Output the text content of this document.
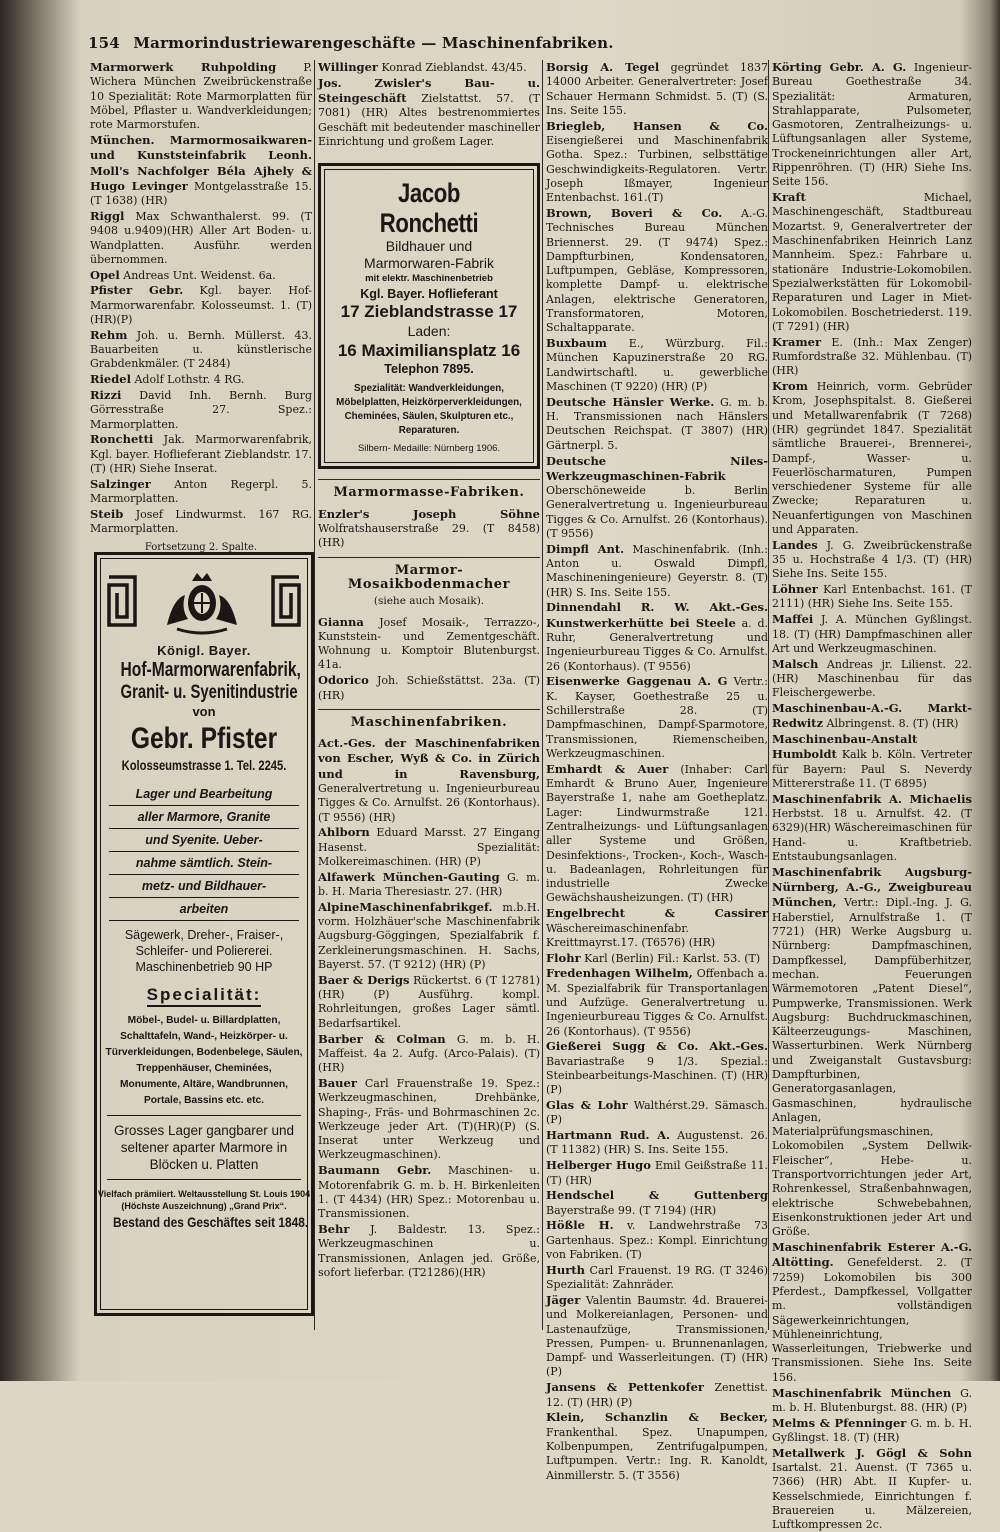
154 Marmorindustriewarengeschäfte — Maschinenfabriken.
Marmorwerk Ruhpolding P. Wichera München Zweibrückenstraße 10 Spezialität: Rote Marmorplatten für Möbel, Pflaster u. Wandverkleidungen; rote Marmorstufen.
München. Marmormosaikwaren- und Kunststeinfabrik Leonh. Moll's Nachfolger Béla Ajhely & Hugo Levinger Montgelasstraße 15. (T 1638) (HR)
Riggl Max Schwanthalerst. 99. (T 9408 u.9409)(HR) Aller Art Boden- u. Wandplatten. Ausführ. werden übernommen.
Opel Andreas Unt. Weidenst. 6a.
Pfister Gebr. Kgl. bayer. Hof-Marmorwarenfabr. Kolosseumst. 1. (T)(HR)(P)
Rehm Joh. u. Bernh. Müllerst. 43. Bauarbeiten u. künstlerische Grabdenkmäler. (T 2484)
Riedel Adolf Lothstr. 4 RG.
Rizzi David Inh. Bernh. Burg Görresstraße 27. Spez.: Marmorplatten.
Ronchetti Jak. Marmorwarenfabrik, Kgl. bayer. Hoflieferant Zieblandstr. 17. (T) (HR) Siehe Inserat.
Salzinger Anton Regerpl. 5. Marmorplatten.
Steib Josef Lindwurmst. 167 RG. Marmorplatten.
Fortsetzung 2. Spalte.
Königl. Bayer.
Hof-Marmorwarenfabrik,
Granit- u. Syenitindustrie
von
Gebr. Pfister
Kolosseumstrasse 1. Tel. 2245.
Lager und Bearbeitung
aller Marmore, Granite
und Syenite. Ueber-
nahme sämtlich. Stein-
metz- und Bildhauer-
arbeiten
Sägewerk, Dreher-, Fraiser-, Schleifer- und Poliererei. Maschinenbetrieb 90 HP
Specialität:
Möbel-, Budel- u. Billardplatten, Schalttafeln, Wand-, Heizkörper- u. Türverkleidungen, Bodenbelege, Säulen, Treppenhäuser, Cheminées, Monumente, Altäre, Wandbrunnen, Portale, Bassins etc. etc.
Grosses Lager gangbarer und seltener aparter Marmore in Blöcken u. Platten
Vielfach prämiiert. Weltausstellung St. Louis 1904 (Höchste Auszeichnung) „Grand Prix“.
Bestand des Geschäftes seit 1848.
Willinger Konrad Zieblandst. 43/45.
Jos. Zwisler's Bau- u. Steingeschäft Zielstattst. 57. (T 7081) (HR) Altes bestrenommiertes Geschäft mit bedeutender maschineller Einrichtung und großem Lager.
Jacob Ronchetti
Bildhauer und
Marmorwaren-Fabrik
mit elektr. Maschinenbetrieb
Kgl. Bayer. Hoflieferant
17 Zieblandstrasse 17
Laden:
16 Maximiliansplatz 16
Telephon 7895.
Spezialität: Wandverkleidungen, Möbelplatten, Heizkörperverkleidungen, Cheminées, Säulen, Skulpturen etc., Reparaturen.
Silbern- Medaille: Nürnberg 1906.
Marmormasse-Fabriken.
Enzler's Joseph Söhne Wolfratshauserstraße 29. (T 8458) (HR)
Marmor-Mosaikbodenmacher
(siehe auch Mosaik).
Gianna Josef Mosaik-, Terrazzo-, Kunststein- und Zementgeschäft. Wohnung u. Komptoir Blutenburgst. 41a.
Odorico Joh. Schießstättst. 23a. (T) (HR)
Maschinenfabriken.
Act.-Ges. der Maschinenfabriken von Escher, Wyß & Co. in Zürich und in Ravensburg, Generalvertretung u. Ingenieurbureau Tigges & Co. Arnulfst. 26 (Kontorhaus). (T 9556) (HR)
Ahlborn Eduard Marsst. 27 Eingang Hasenst. Spezialität: Molkereimaschinen. (HR) (P)
Alfawerk München-Gauting G. m. b. H. Maria Theresiastr. 27. (HR)
AlpineMaschinenfabrikgef. m.b.H. vorm. Holzhäuer'sche Maschinenfabrik Augsburg-Göggingen, Spezialfabrik f. Zerkleinerungsmaschinen. H. Sachs, Bayerst. 57. (T 9212) (HR) (P)
Baer & Derigs Rückertst. 6 (T 12781) (HR) (P) Ausführg. kompl. Rohrleitungen, großes Lager sämtl. Bedarfsartikel.
Barber & Colman G. m. b. H. Maffeist. 4a 2. Aufg. (Arco-Palais). (T) (HR)
Bauer Carl Frauenstraße 19. Spez.: Werkzeugmaschinen, Drehbänke, Shaping-, Fräs- und Bohrmaschinen 2c. Werkzeuge jeder Art. (T)(HR)(P) (S. Inserat unter Werkzeug und Werkzeugmaschinen).
Baumann Gebr. Maschinen- u. Motorenfabrik G. m. b. H. Birkenleiten 1. (T 4434) (HR) Spez.: Motorenbau u. Transmissionen.
Behr J. Baldestr. 13. Spez.: Werkzeugmaschinen u. Transmissionen, Anlagen jed. Größe, sofort lieferbar. (T21286)(HR)
Borsig A. Tegel gegründet 1837 14000 Arbeiter. Generalvertreter: Josef Schauer Hermann Schmidst. 5. (T) (S. Ins. Seite 155.
Briegleb, Hansen & Co. Eisengießerei und Maschinenfabrik Gotha. Spez.: Turbinen, selbsttätige Geschwindigkeits-Regulatoren. Vertr. Joseph Ißmayer, Ingenieur Entenbachst. 161.(T)
Brown, Boveri & Co. A.-G. Technisches Bureau München Briennerst. 29. (T 9474) Spez.: Dampfturbinen, Kondensatoren, Luftpumpen, Gebläse, Kompressoren, komplette Dampf- u. elektrische Anlagen, elektrische Generatoren, Transformatoren, Motoren, Schaltapparate.
Buxbaum E., Würzburg. Fil.: München Kapuzinerstraße 20 RG. Landwirtschaftl. u. gewerbliche Maschinen (T 9220) (HR) (P)
Deutsche Hänsler Werke. G. m. b. H. Transmissionen nach Hänslers Deutschen Reichspat. (T 3807) (HR) Gärtnerpl. 5.
Deutsche Niles-Werkzeugmaschinen-Fabrik Oberschöneweide b. Berlin Generalvertretung u. Ingenieurbureau Tigges & Co. Arnulfst. 26 (Kontorhaus). (T 9556)
Dimpfl Ant. Maschinenfabrik. (Inh.: Anton u. Oswald Dimpfl, Maschineningenieure) Geyerstr. 8. (T) (HR) S. Ins. Seite 155.
Dinnendahl R. W. Akt.-Ges. Kunstwerkerhütte bei Steele a. d. Ruhr, Generalvertretung und Ingenieurbureau Tigges & Co. Arnulfst. 26 (Kontorhaus). (T 9556)
Eisenwerke Gaggenau A. G Vertr.: K. Kayser, Goethestraße 25 u. Schillerstraße 28. (T) Dampfmaschinen, Dampf-Sparmotore, Transmissionen, Riemenscheiben, Werkzeugmaschinen.
Emhardt & Auer (Inhaber: Carl Emhardt & Bruno Auer, Ingenieure Bayerstraße 1, nahe am Goetheplatz. Lager: Lindwurmstraße 121. Zentralheizungs- und Lüftungsanlagen aller Systeme und Größen, Desinfektions-, Trocken-, Koch-, Wasch- u. Badeanlagen, Rohrleitungen für industrielle Zwecke Gewächshausheizungen. (T) (HR)
Engelbrecht & Cassirer Wäschereimaschinenfabr. Kreittmayrst.17. (T6576) (HR)
Flohr Karl (Berlin) Fil.: Karlst. 53. (T)
Fredenhagen Wilhelm, Offenbach a. M. Spezialfabrik für Transportanlagen und Aufzüge. Generalvertretung u. Ingenieurbureau Tigges & Co. Arnulfst. 26 (Kontorhaus). (T 9556)
Gießerei Sugg & Co. Akt.-Ges. Bavariastraße 9 1/3. Spezial.: Steinbearbeitungs-Maschinen. (T) (HR) (P)
Glas & Lohr Walthérst.29. Sämasch. (P)
Hartmann Rud. A. Augustenst. 26. (T 11382) (HR) S. Ins. Seite 155.
Helberger Hugo Emil Geißstraße 11. (T) (HR)
Hendschel & Guttenberg Bayerstraße 99. (T 7194) (HR)
Hößle H. v. Landwehrstraße 73 Gartenhaus. Spez.: Kompl. Einrichtung von Fabriken. (T)
Hurth Carl Frauenst. 19 RG. (T 3246) Spezialität: Zahnräder.
Jäger Valentin Baumstr. 4d. Brauerei- und Molkereianlagen, Personen- und Lastenaufzüge, Transmissionen, Pressen, Pumpen- u. Brunnenanlagen, Dampf- und Wasserleitungen. (T) (HR) (P)
Jansens & Pettenkofer Zenettist. 12. (T) (HR) (P)
Klein, Schanzlin & Becker, Frankenthal. Spez. Unapumpen, Kolbenpumpen, Zentrifugalpumpen, Luftpumpen. Vertr.: Ing. R. Kanoldt, Ainmillerstr. 5. (T 3556)
Körting Gebr. A. G. Ingenieur-Bureau Goethestraße 34. Spezialität: Armaturen, Strahlapparate, Pulsometer, Gasmotoren, Zentralheizungs- u. Lüftungsanlagen aller Systeme, Trockeneinrichtungen aller Art, Rippenröhren. (T) (HR) Siehe Ins. Seite 156.
Kraft Michael, Maschinengeschäft, Stadtbureau Mozartst. 9, Generalvertreter der Maschinenfabriken Heinrich Lanz Mannheim. Spez.: Fahrbare u. stationäre Industrie-Lokomobilen. Spezialwerkstätten für Lokomobil-Reparaturen und Lager in Miet-Lokomobilen. Boschetriederst. 119. (T 7291) (HR)
Kramer E. (Inh.: Max Zenger) Rumfordstraße 32. Mühlenbau. (T) (HR)
Krom Heinrich, vorm. Gebrüder Krom, Josephspitalst. 8. Gießerei und Metallwarenfabrik (T 7268) (HR) gegründet 1847. Spezialität sämtliche Brauerei-, Brennerei-, Dampf-, Wasser- u. Feuerlöscharmaturen, Pumpen verschiedener Systeme für alle Zwecke; Reparaturen u. Neuanfertigungen von Maschinen und Apparaten.
Landes J. G. Zweibrückenstraße 35 u. Hochstraße 4 1/3. (T) (HR) Siehe Ins. Seite 155.
Löhner Karl Entenbachst. 161. (T 2111) (HR) Siehe Ins. Seite 155.
Maffei J. A. München Gyßlingst. 18. (T) (HR) Dampfmaschinen aller Art und Werkzeugmaschinen.
Malsch Andreas jr. Lilienst. 22. (HR) Maschinenbau für das Fleischergewerbe.
Maschinenbau-A.-G. Markt-Redwitz Albringenst. 8. (T) (HR)
Maschinenbau-Anstalt Humboldt Kalk b. Köln. Vertreter für Bayern: Paul S. Neverdy Mittererstraße 11. (T 6895)
Maschinenfabrik A. Michaelis Herbstst. 18 u. Arnulfst. 42. (T 6329)(HR) Wäschereimaschinen für Hand- u. Kraftbetrieb. Entstaubungsanlagen.
Maschinenfabrik Augsburg-Nürnberg, A.-G., Zweigbureau München, Vertr.: Dipl.-Ing. J. G. Haberstiel, Arnulfstraße 1. (T 7721) (HR) Werke Augsburg u. Nürnberg: Dampfmaschinen, Dampfkessel, Dampfüberhitzer, mechan. Feuerungen Wärmemotoren „Patent Diesel“, Pumpwerke, Transmissionen. Werk Augsburg: Buchdruckmaschinen, Kälteerzeugungs- Maschinen, Wasserturbinen. Werk Nürnberg und Zweiganstalt Gustavsburg: Dampfturbinen, Generatorgasanlagen, Gasmaschinen, hydraulische Anlagen, Materialprüfungsmaschinen, Lokomobilen „System Dellwik-Fleischer“, Hebe- u. Transportvorrichtungen jeder Art, Rohrenkessel, Straßenbahnwagen, elektrische Schwebebahnen, Eisenkonstruktionen jeder Art und Größe.
Maschinenfabrik Esterer A.-G. Altötting. Genefelderst. 2. (T 7259) Lokomobilen bis 300 Pferdest., Dampfkessel, Vollgatter m. vollständigen Sägewerkeinrichtungen, Mühleneinrichtung, Wasserleitungen, Triebwerke und Transmissionen. Siehe Ins. Seite 156.
Maschinenfabrik München G. m. b. H. Blutenburgst. 88. (HR) (P)
Melms & Pfenninger G. m. b. H. Gyßlingst. 18. (T) (HR)
Metallwerk J. Gögl & Sohn Isartalst. 21. Auenst. (T 7365 u. 7366) (HR) Abt. II Kupfer- u. Kesselschmiede, Einrichtungen f. Brauereien u. Mälzereien, Luftkompressen 2c.
